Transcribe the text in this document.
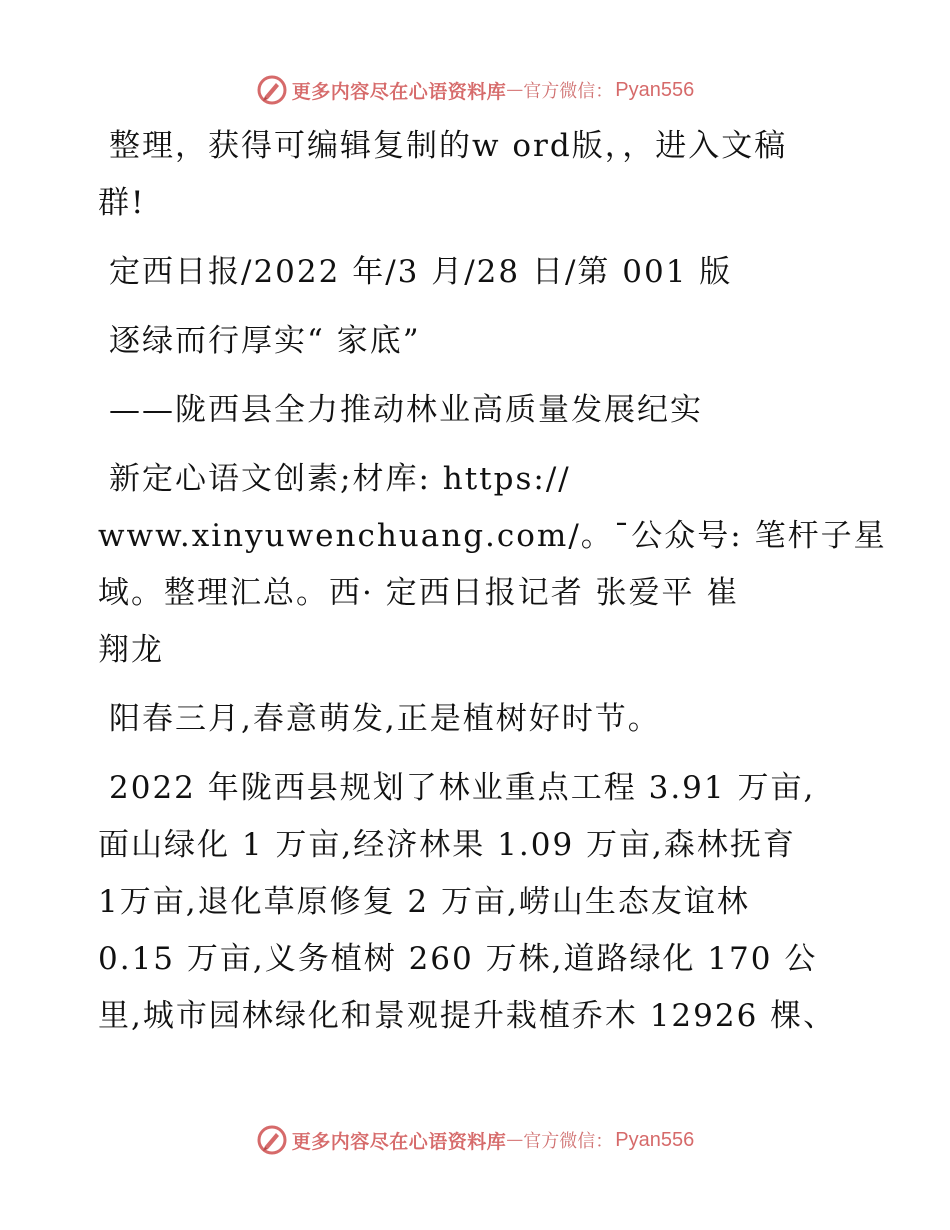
更多内容尽在心语资料库 — 官方微信： Pyan556
整理，获得可编辑复制的w ord版，，进入文稿
群!
定西日报/2022 年/3 月/28 日/第 001 版
逐绿而行厚实“ 家底”
——陇西县全力推动林业高质量发展纪实
新定心语文创素;材库: https://
www.xinyuwenchuang.com/。¯公众号: 笔杆子星
域。整理汇总。西· 定西日报记者 张爱平 崔
翔龙
阳春三月,春意萌发,正是植树好时节。
2022 年陇西县规划了林业重点工程 3.91 万亩,
面山绿化 1 万亩,经济林果 1.09 万亩,森林抚育
1万亩,退化草原修复 2 万亩,崂山生态友谊林
0.15 万亩,义务植树 260 万株,道路绿化 170 公
里,城市园林绿化和景观提升栽植乔木 12926 棵、
更多内容尽在心语资料库 — 官方微信： Pyan556
